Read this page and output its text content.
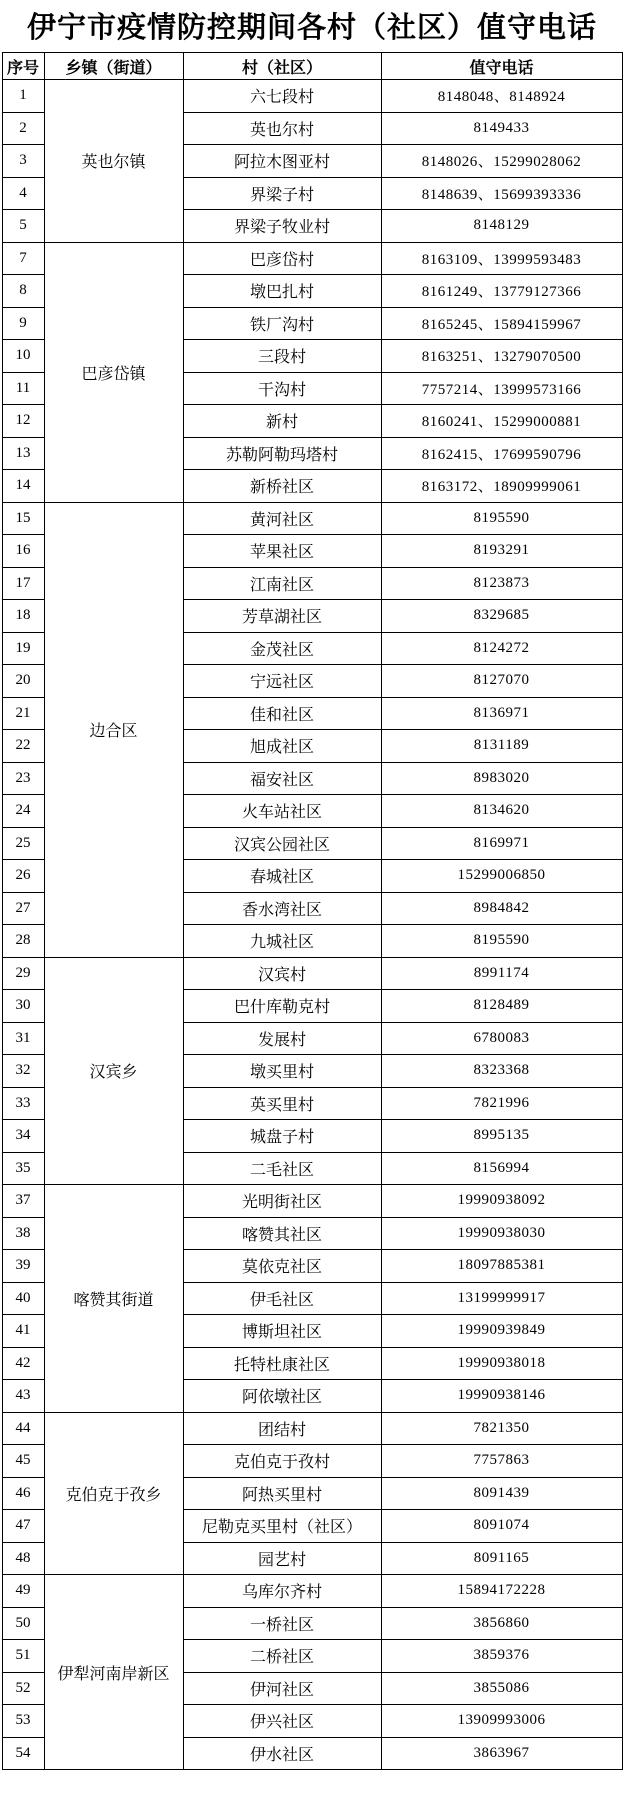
伊宁市疫情防控期间各村（社区）值守电话
序号	乡镇（街道）	村（社区）	值守电话
1	英也尔镇	六七段村	8148048、8148924
2		英也尔村	8149433
3		阿拉木图亚村	8148026、15299028062
4		界梁子村	8148639、15699393336
5		界梁子牧业村	8148129
7	巴彦岱镇	巴彦岱村	8163109、13999593483
8		墩巴扎村	8161249、13779127366
9		铁厂沟村	8165245、15894159967
10		三段村	8163251、13279070500
11		干沟村	7757214、13999573166
12		新村	8160241、15299000881
13		苏勒阿勒玛塔村	8162415、17699590796
14		新桥社区	8163172、18909999061
15	边合区	黄河社区	8195590
16		苹果社区	8193291
17		江南社区	8123873
18		芳草湖社区	8329685
19		金茂社区	8124272
20		宁远社区	8127070
21		佳和社区	8136971
22		旭成社区	8131189
23		福安社区	8983020
24		火车站社区	8134620
25		汉宾公园社区	8169971
26		春城社区	15299006850
27		香水湾社区	8984842
28		九城社区	8195590
29	汉宾乡	汉宾村	8991174
30		巴什库勒克村	8128489
31		发展村	6780083
32		墩买里村	8323368
33		英买里村	7821996
34		城盘子村	8995135
35		二毛社区	8156994
37	喀赞其街道	光明街社区	19990938092
38		喀赞其社区	19990938030
39		莫依克社区	18097885381
40		伊毛社区	13199999917
41		博斯坦社区	19990939849
42		托特杜康社区	19990938018
43		阿依墩社区	19990938146
44	克伯克于孜乡	团结村	7821350
45		克伯克于孜村	7757863
46		阿热买里村	8091439
47		尼勒克买里村（社区）	8091074
48		园艺村	8091165
49	伊犁河南岸新区	乌库尔齐村	15894172228
50		一桥社区	3856860
51		二桥社区	3859376
52		伊河社区	3855086
53		伊兴社区	13909993006
54		伊水社区	3863967
